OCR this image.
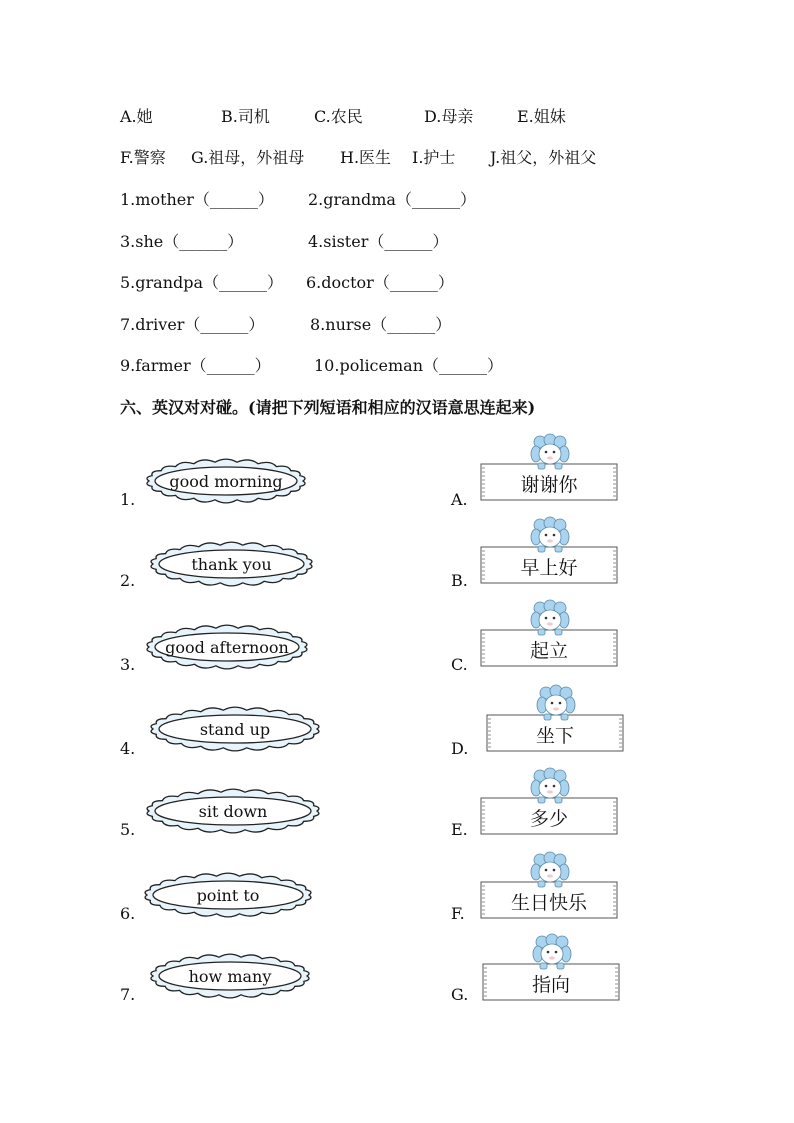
A.她	B.司机	C.农民	D.母亲	E.姐妹
F.警察 G.祖母，外祖母 H.医生 I.护士 J.祖父，外祖父
1.mother（______） 2.grandma（______）
3.she（______）	4.sister（______）
5.grandpa（______） 6.doctor（______）
7.driver（______）	8.nurse（______）
9.farmer（______）	10.policeman（______）
六、英汉对对碰。(请把下列短语和相应的汉语意思连起来)
1.
good morning
2.
thank you
3.
good afternoon
4.
stand up
5.
sit down
6.
point to
7.
how many
A.
谢谢你
B.
早上好
C.
起立
D.
坐下
E.	多少
F.	生日快乐
G.	指向
